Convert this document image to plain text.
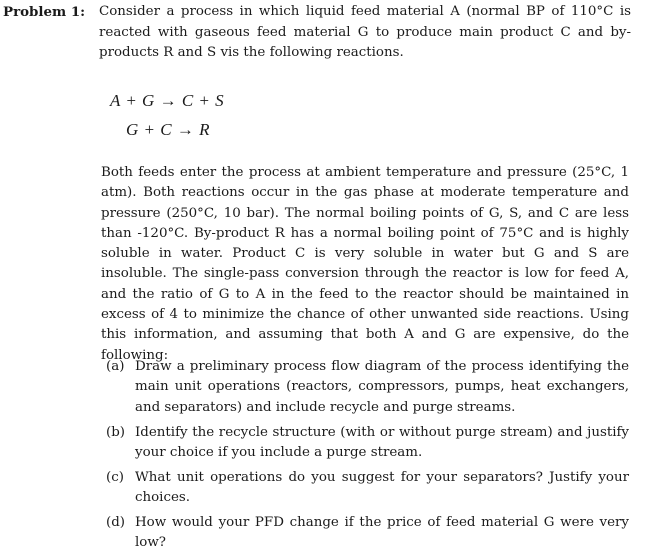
Problem 1: Consider a process in which liquid feed material A (normal BP of 110°C is reacted with gaseous feed material G to produce main product C and by-products R and S vis the following reactions.
A + G → C + S
G + C → R
Both feeds enter the process at ambient temperature and pressure (25°C, 1 atm). Both reactions occur in the gas phase at moderate temperature and pressure (250°C, 10 bar). The normal boiling points of G, S, and C are less than -120°C. By-product R has a normal boiling point of 75°C and is highly soluble in water. Product C is very soluble in water but G and S are insoluble. The single-pass conversion through the reactor is low for feed A, and the ratio of G to A in the feed to the reactor should be maintained in excess of 4 to minimize the chance of other unwanted side reactions. Using this information, and assuming that both A and G are expensive, do the following:
(a) Draw a preliminary process flow diagram of the process identifying the main unit operations (reactors, compressors, pumps, heat exchangers, and separators) and include recycle and purge streams.
(b) Identify the recycle structure (with or without purge stream) and justify your choice if you include a purge stream.
(c) What unit operations do you suggest for your separators? Justify your choices.
(d) How would your PFD change if the price of feed material G were very low?
